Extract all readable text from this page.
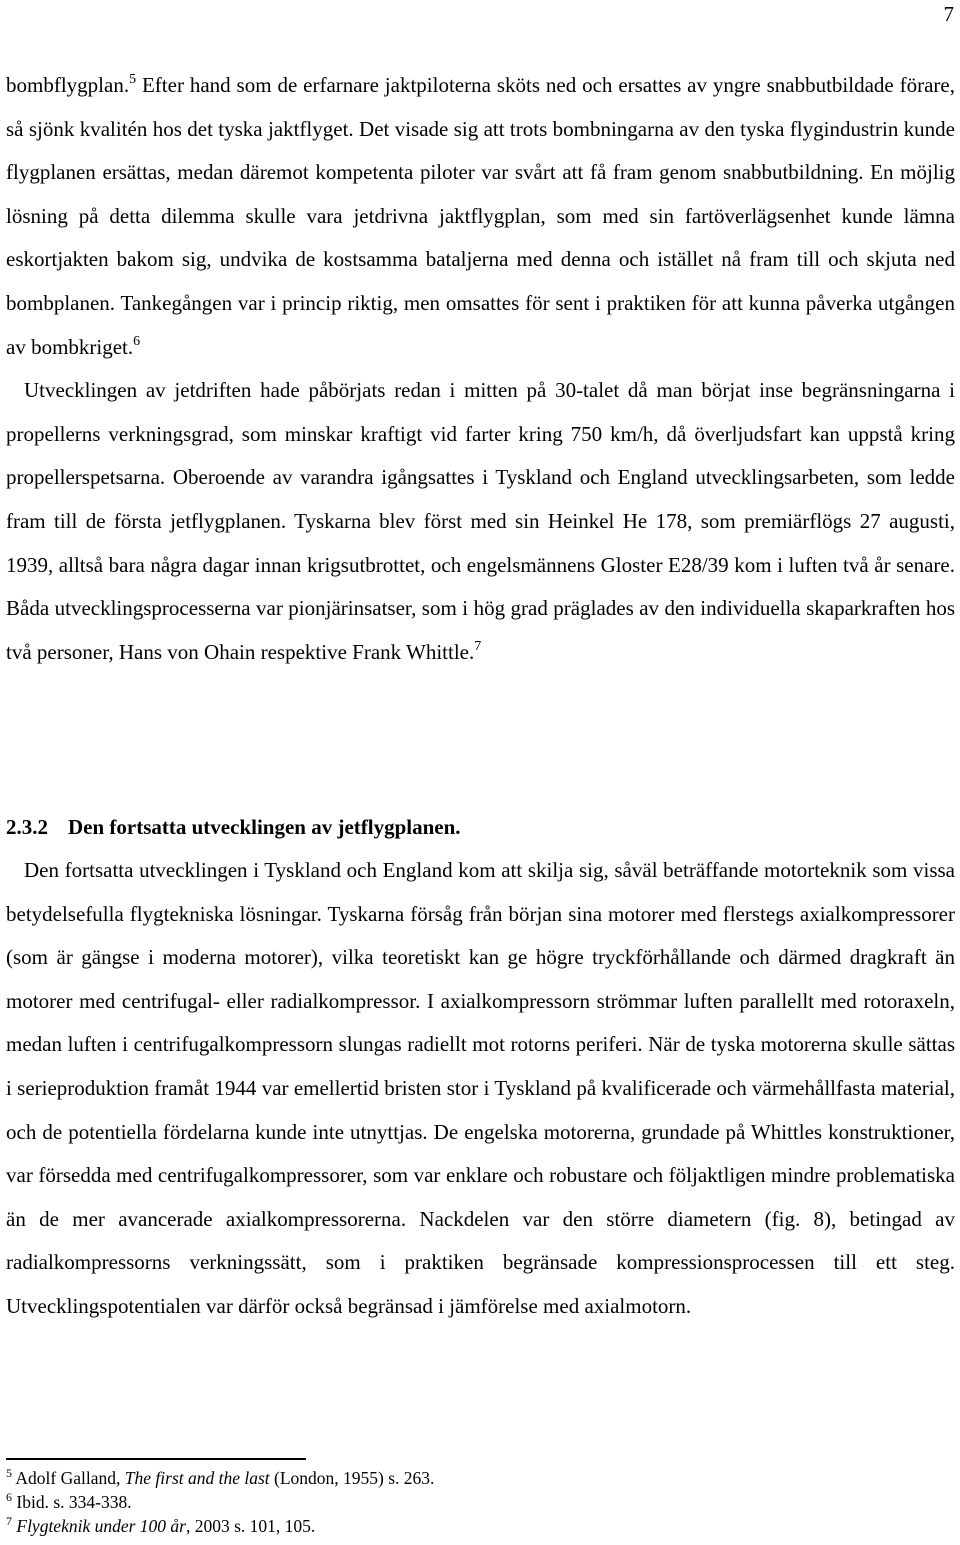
7

bombflygplan.$^5$ Efter hand som de erfarnare jaktpiloterna sköts ned och ersattes av yngre snabbutbildade förare, så sjönk kvalitén hos det tyska jaktflyget. Det visade sig att trots bombningarna av den tyska flygindustrin kunde flygplanen ersättas, medan däremot kompetenta piloter var svårt att få fram genom snabbutbildning. En möjlig lösning på detta dilemma skulle vara jetdrivna jaktflygplan, som med sin fartöverlägsenhet kunde lämna eskortjakten bakom sig, undvika de kostsamma bataljerna med denna och istället nå fram till och skjuta ned bombplanen. Tankegången var i princip riktig, men omsattes för sent i praktiken för att kunna påverka utgången av bombkriget.$^6$

Utvecklingen av jetdriften hade påbörjats redan i mitten på 30-talet då man börjat inse begränsningarna i propellerns verkningsgrad, som minskar kraftigt vid farter kring 750 km/h, då överljudsfart kan uppstå kring propellerspetsarna. Oberoende av varandra igångsattes i Tyskland och England utvecklingsarbeten, som ledde fram till de första jetflygplanen. Tyskarna blev först med sin Heinkel He 178, som premiärflögs 27 augusti, 1939, alltså bara några dagar innan krigsutbrottet, och engelsmännens Gloster E28/39 kom i luften två år senare. Båda utvecklingsprocesserna var pionjärinsatser, som i hög grad präglades av den individuella skaparkraften hos två personer, Hans von Ohain respektive Frank Whittle.$^7$

2.3.2 Den fortsatta utvecklingen av jetflygplanen.

Den fortsatta utvecklingen i Tyskland och England kom att skilja sig, såväl beträffande motorteknik som vissa betydelsefulla flygtekniska lösningar. Tyskarna försåg från början sina motorer med flerstegs axialkompressorer (som är gängse i moderna motorer), vilka teoretiskt kan ge högre tryckförhållande och därmed dragkraft än motorer med centrifugal- eller radialkompressor. I axialkompressorn strömmar luften parallellt med rotoraxeln, medan luften i centrifugalkompressorn slungas radiellt mot rotorns periferi. När de tyska motorerna skulle sättas i serieproduktion framåt 1944 var emellertid bristen stor i Tyskland på kvalificerade och värmehållfasta material, och de potentiella fördelarna kunde inte utnyttjas. De engelska motorerna, grundade på Whittles konstruktioner, var försedda med centrifugalkompressorer, som var enklare och robustare och följaktligen mindre problematiska än de mer avancerade axialkompressorerna. Nackdelen var den större diametern (fig. 8), betingad av radialkompressorns verkningssätt, som i praktiken begränsade kompressionsprocessen till ett steg. Utvecklingspotentialen var därför också begränsad i jämförelse med axialmotorn.

$^5$ Adolf Galland, The first and the last (London, 1955) s. 263.

$^6$ Ibid. s. 334-338.

$^7$ Flygteknik under 100 år, 2003 s. 101, 105.
